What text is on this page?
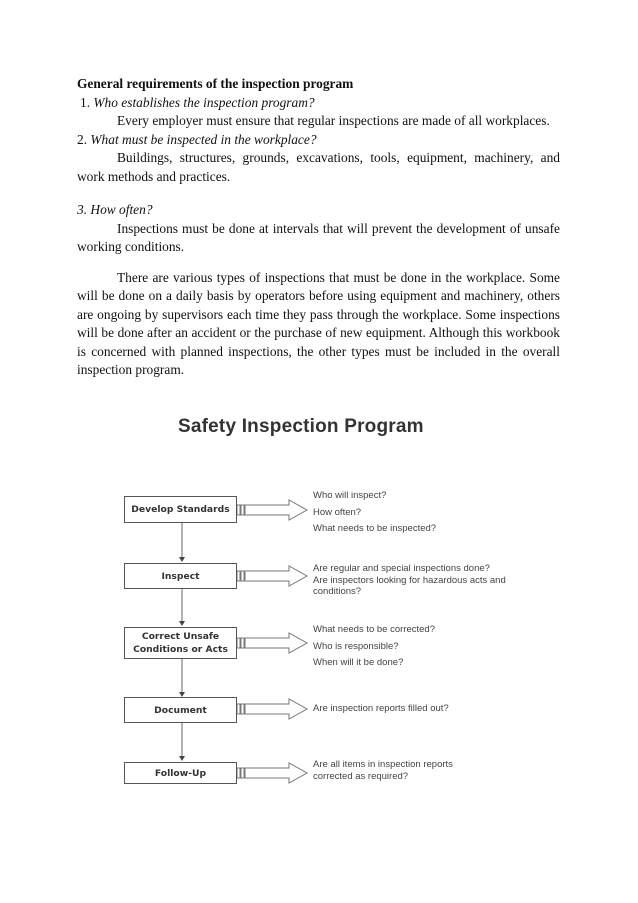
General requirements of the inspection program
1. Who establishes the inspection program?

Every employer must ensure that regular inspections are made of all workplaces.

2. What must be inspected in the workplace?

Buildings, structures, grounds, excavations, tools, equipment, machinery, and work methods and practices.

3. How often?

Inspections must be done at intervals that will prevent the development of unsafe working conditions.

There are various types of inspections that must be done in the workplace. Some will be done on a daily basis by operators before using equipment and machinery, others are ongoing by supervisors each time they pass through the workplace. Some inspections will be done after an accident or the purchase of new equipment. Although this workbook is concerned with planned inspections, the other types must be included in the overall inspection program.

Safety Inspection Program
Develop Standards
Inspect
Correct Unsafe
Conditions or Acts
Document
Follow-Up
Who will inspect?
How often?
What needs to be inspected?
Are regular and special inspections done?
Are inspectors looking for hazardous acts and
conditions?
What needs to be corrected?
Who is responsible?
When will it be done?
Are inspection reports filled out?
Are all items in inspection reports
corrected as required?
